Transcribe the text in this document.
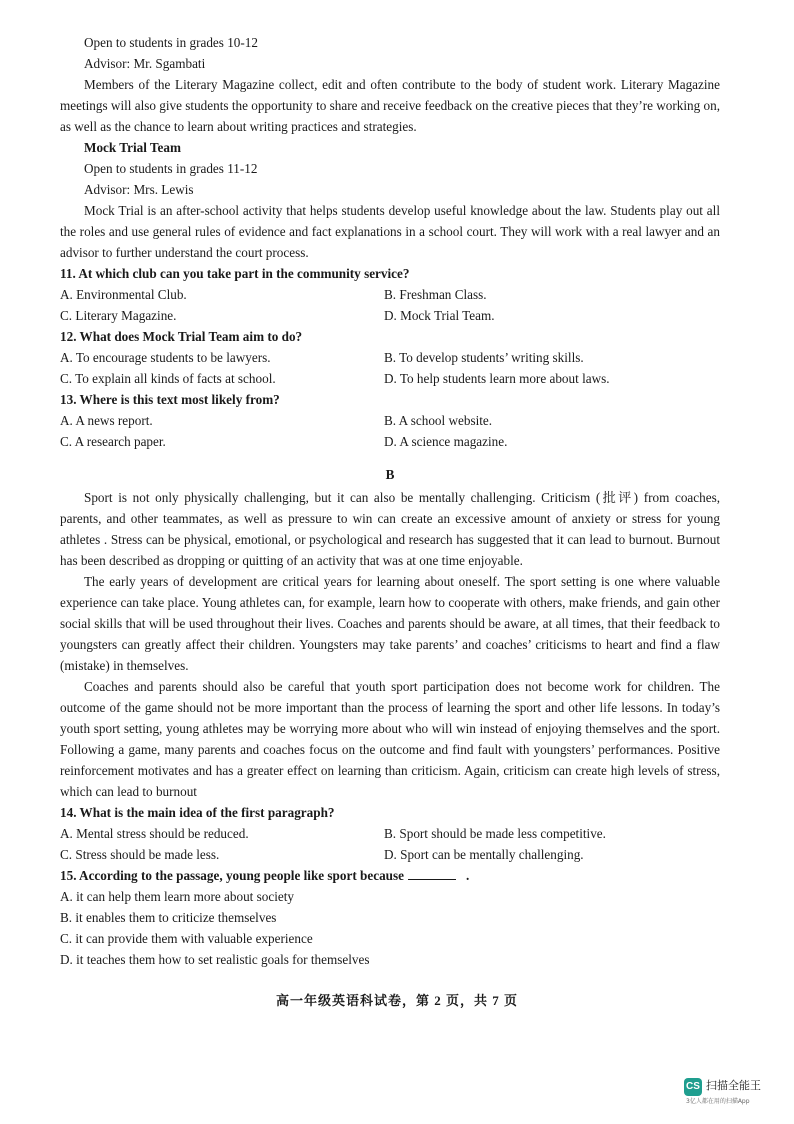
Open to students in grades 10-12
Advisor: Mr. Sgambati

Members of the Literary Magazine collect, edit and often contribute to the body of student work. Literary Magazine meetings will also give students the opportunity to share and receive feedback on the creative pieces that they’re working on, as well as the chance to learn about writing practices and strategies.

Mock Trial Team
Open to students in grades 11-12
Advisor: Mrs. Lewis

Mock Trial is an after-school activity that helps students develop useful knowledge about the law. Students play out all the roles and use general rules of evidence and fact explanations in a school court. They will work with a real lawyer and an advisor to further understand the court process.

11. At which club can you take part in the community service?
A. Environmental Club.	B. Freshman Class.
C. Literary Magazine.	D. Mock Trial Team.
12. What does Mock Trial Team aim to do?
A. To encourage students to be lawyers.	B. To develop students’ writing skills.
C. To explain all kinds of facts at school.	D. To help students learn more about laws.
13. Where is this text most likely from?
A. A news report.	B. A school website.
C. A research paper.	D. A science magazine.
B

Sport is not only physically challenging, but it can also be mentally challenging. Criticism (批评) from coaches, parents, and other teammates, as well as pressure to win can create an excessive amount of anxiety or stress for young athletes . Stress can be physical, emotional, or psychological and research has suggested that it can lead to burnout. Burnout has been described as dropping or quitting of an activity that was at one time enjoyable.

The early years of development are critical years for learning about oneself. The sport setting is one where valuable experience can take place. Young athletes can, for example, learn how to cooperate with others, make friends, and gain other social skills that will be used throughout their lives. Coaches and parents should be aware, at all times, that their feedback to youngsters can greatly affect their children. Youngsters may take parents’ and coaches’ criticisms to heart and find a flaw (mistake) in themselves.

Coaches and parents should also be careful that youth sport participation does not become work for children. The outcome of the game should not be more important than the process of learning the sport and other life lessons. In today’s youth sport setting, young athletes may be worrying more about who will win instead of enjoying themselves and the sport. Following a game, many parents and coaches focus on the outcome and find fault with youngsters’ performances. Positive reinforcement motivates and has a greater effect on learning than criticism. Again, criticism can create high levels of stress, which can lead to burnout

14. What is the main idea of the first paragraph?
A. Mental stress should be reduced.	B. Sport should be made less competitive.
C. Stress should be made less.	D. Sport can be mentally challenging.
15. According to the passage, young people like sport because	.
A. it can help them learn more about society
B. it enables them to criticize themselves
C. it can provide them with valuable experience
D. it teaches them how to set realistic goals for themselves
高一年级英语科试卷，第 2 页，共 7 页
CS 扫描全能王
3亿人都在用的扫描App
